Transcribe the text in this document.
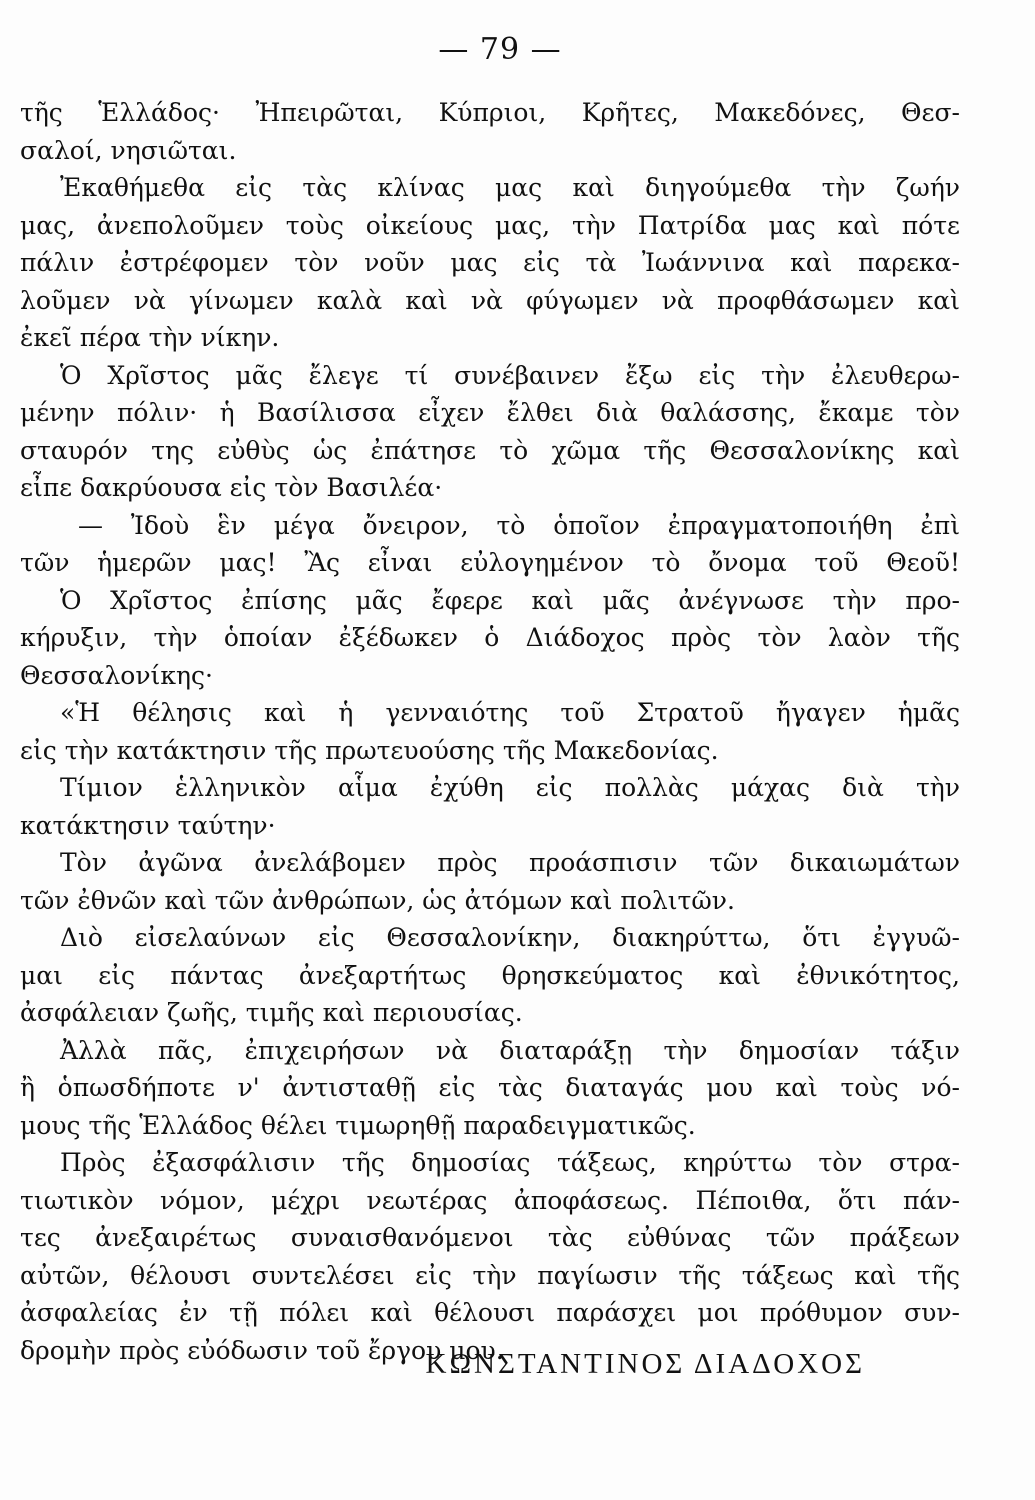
— 79 —
τῆς Ἑλλάδος· Ἠπειρῶται, Κύπριοι, Κρῆτες, Μακεδόνες, Θεσ-
σαλοί, νησιῶται.
Ἐκαθήμεθα εἰς τὰς κλίνας μας καὶ διηγούμεθα τὴν ζωήν
μας, ἀνεπολοῦμεν τοὺς οἰκείους μας, τὴν Πατρίδα μας καὶ πότε
πάλιν ἐστρέφομεν τὸν νοῦν μας εἰς τὰ Ἰωάννινα καὶ παρεκα-
λοῦμεν νὰ γίνωμεν καλὰ καὶ νὰ φύγωμεν νὰ προφθάσωμεν καὶ
ἐκεῖ πέρα τὴν νίκην.
Ὁ Χρῖστος μᾶς ἔλεγε τί συνέβαινεν ἔξω εἰς τὴν ἐλευθερω-
μένην πόλιν· ἡ Βασίλισσα εἶχεν ἔλθει διὰ θαλάσσης, ἔκαμε τὸν
σταυρόν της εὐθὺς ὡς ἐπάτησε τὸ χῶμα τῆς Θεσσαλονίκης καὶ
εἶπε δακρύουσα εἰς τὸν Βασιλέα·
— Ἰδοὺ ἓν μέγα ὄνειρον, τὸ ὁποῖον ἐπραγματοποιήθη ἐπὶ
τῶν ἡμερῶν μας! Ἂς εἶναι εὐλογημένον τὸ ὄνομα τοῦ Θεοῦ!
Ὁ Χρῖστος ἐπίσης μᾶς ἔφερε καὶ μᾶς ἀνέγνωσε τὴν προ-
κήρυξιν, τὴν ὁποίαν ἐξέδωκεν ὁ Διάδοχος πρὸς τὸν λαὸν τῆς
Θεσσαλονίκης·
«Ἡ θέλησις καὶ ἡ γενναιότης τοῦ Στρατοῦ ἤγαγεν ἡμᾶς
εἰς τὴν κατάκτησιν τῆς πρωτευούσης τῆς Μακεδονίας.
Τίμιον ἑλληνικὸν αἷμα ἐχύθη εἰς πολλὰς μάχας διὰ τὴν
κατάκτησιν ταύτην·
Τὸν ἀγῶνα ἀνελάβομεν πρὸς προάσπισιν τῶν δικαιωμάτων
τῶν ἐθνῶν καὶ τῶν ἀνθρώπων, ὡς ἀτόμων καὶ πολιτῶν.
Διὸ εἰσελαύνων εἰς Θεσσαλονίκην, διακηρύττω, ὅτι ἐγγυῶ-
μαι εἰς πάντας ἀνεξαρτήτως θρησκεύματος καὶ ἐθνικότητος,
ἀσφάλειαν ζωῆς, τιμῆς καὶ περιουσίας.
Ἀλλὰ πᾶς, ἐπιχειρήσων νὰ διαταράξῃ τὴν δημοσίαν τάξιν
ἢ ὁπωσδήποτε ν' ἀντισταθῇ εἰς τὰς διαταγάς μου καὶ τοὺς νό-
μους τῆς Ἑλλάδος θέλει τιμωρηθῇ παραδειγματικῶς.
Πρὸς ἐξασφάλισιν τῆς δημοσίας τάξεως, κηρύττω τὸν στρα-
τιωτικὸν νόμον, μέχρι νεωτέρας ἀποφάσεως. Πέποιθα, ὅτι πάν-
τες ἀνεξαιρέτως συναισθανόμενοι τὰς εὐθύνας τῶν πράξεων
αὐτῶν, θέλουσι συντελέσει εἰς τὴν παγίωσιν τῆς τάξεως καὶ τῆς
ἀσφαλείας ἐν τῇ πόλει καὶ θέλουσι παράσχει μοι πρόθυμον συν-
δρομὴν πρὸς εὐόδωσιν τοῦ ἔργου μου.
ΚΩΝΣΤΑΝΤΙΝΟΣ ΔΙΑΔΟΧΟΣ
